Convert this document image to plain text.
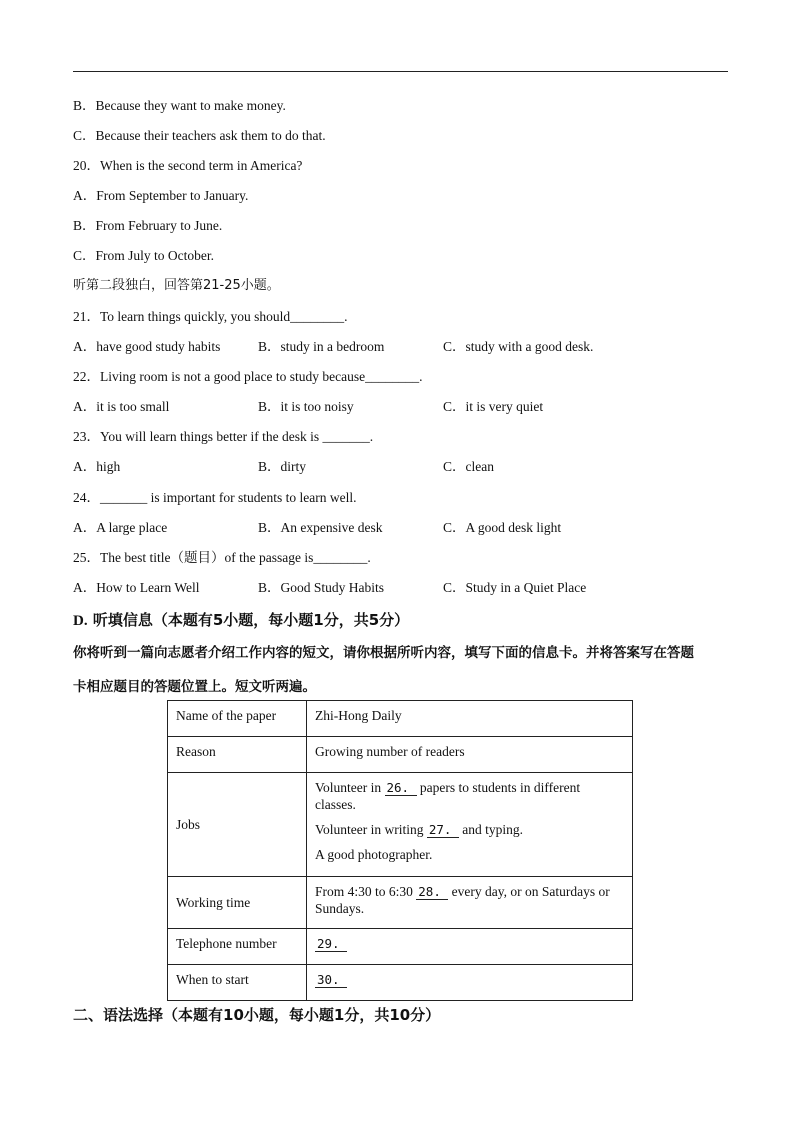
B．Because they want to make money.
C．Because their teachers ask them to do that.
20．When is the second term in America?
A．From September to January.
B．From February to June.
C．From July to October.
听第二段独白，回答第21-25小题。
21．To learn things quickly, you should________.
A．have good study habits	B．study in a bedroom	C．study with a good desk.
22．Living room is not a good place to study because________.
A．it is too small	B．it is too noisy	C．it is very quiet
23．You will learn things better if the desk is _______.
A．high	B．dirty	C．clean
24．_______ is important for students to learn well.
A．A large place	B．An expensive desk	C．A good desk light
25．The best title（题目）of the passage is________.
A．How to Learn Well	B．Good Study Habits	C．Study in a Quiet Place
D. 听填信息（本题有5小题，每小题1分，共5分）
你将听到一篇向志愿者介绍工作内容的短文，请你根据所听内容，填写下面的信息卡。并将答案写在答题
卡相应题目的答题位置上。短文听两遍。
Name of the paper	Zhi-Hong Daily
Reason	Growing number of readers
Jobs	Volunteer in 26. papers to students in different classes.
Volunteer in writing 27. and typing.
A good photographer.

Working time	From 4:30 to 6:30 28. every day, or on Saturdays or Sundays.
Telephone number	29.
When to start	30.
二、语法选择（本题有10小题，每小题1分，共10分）
